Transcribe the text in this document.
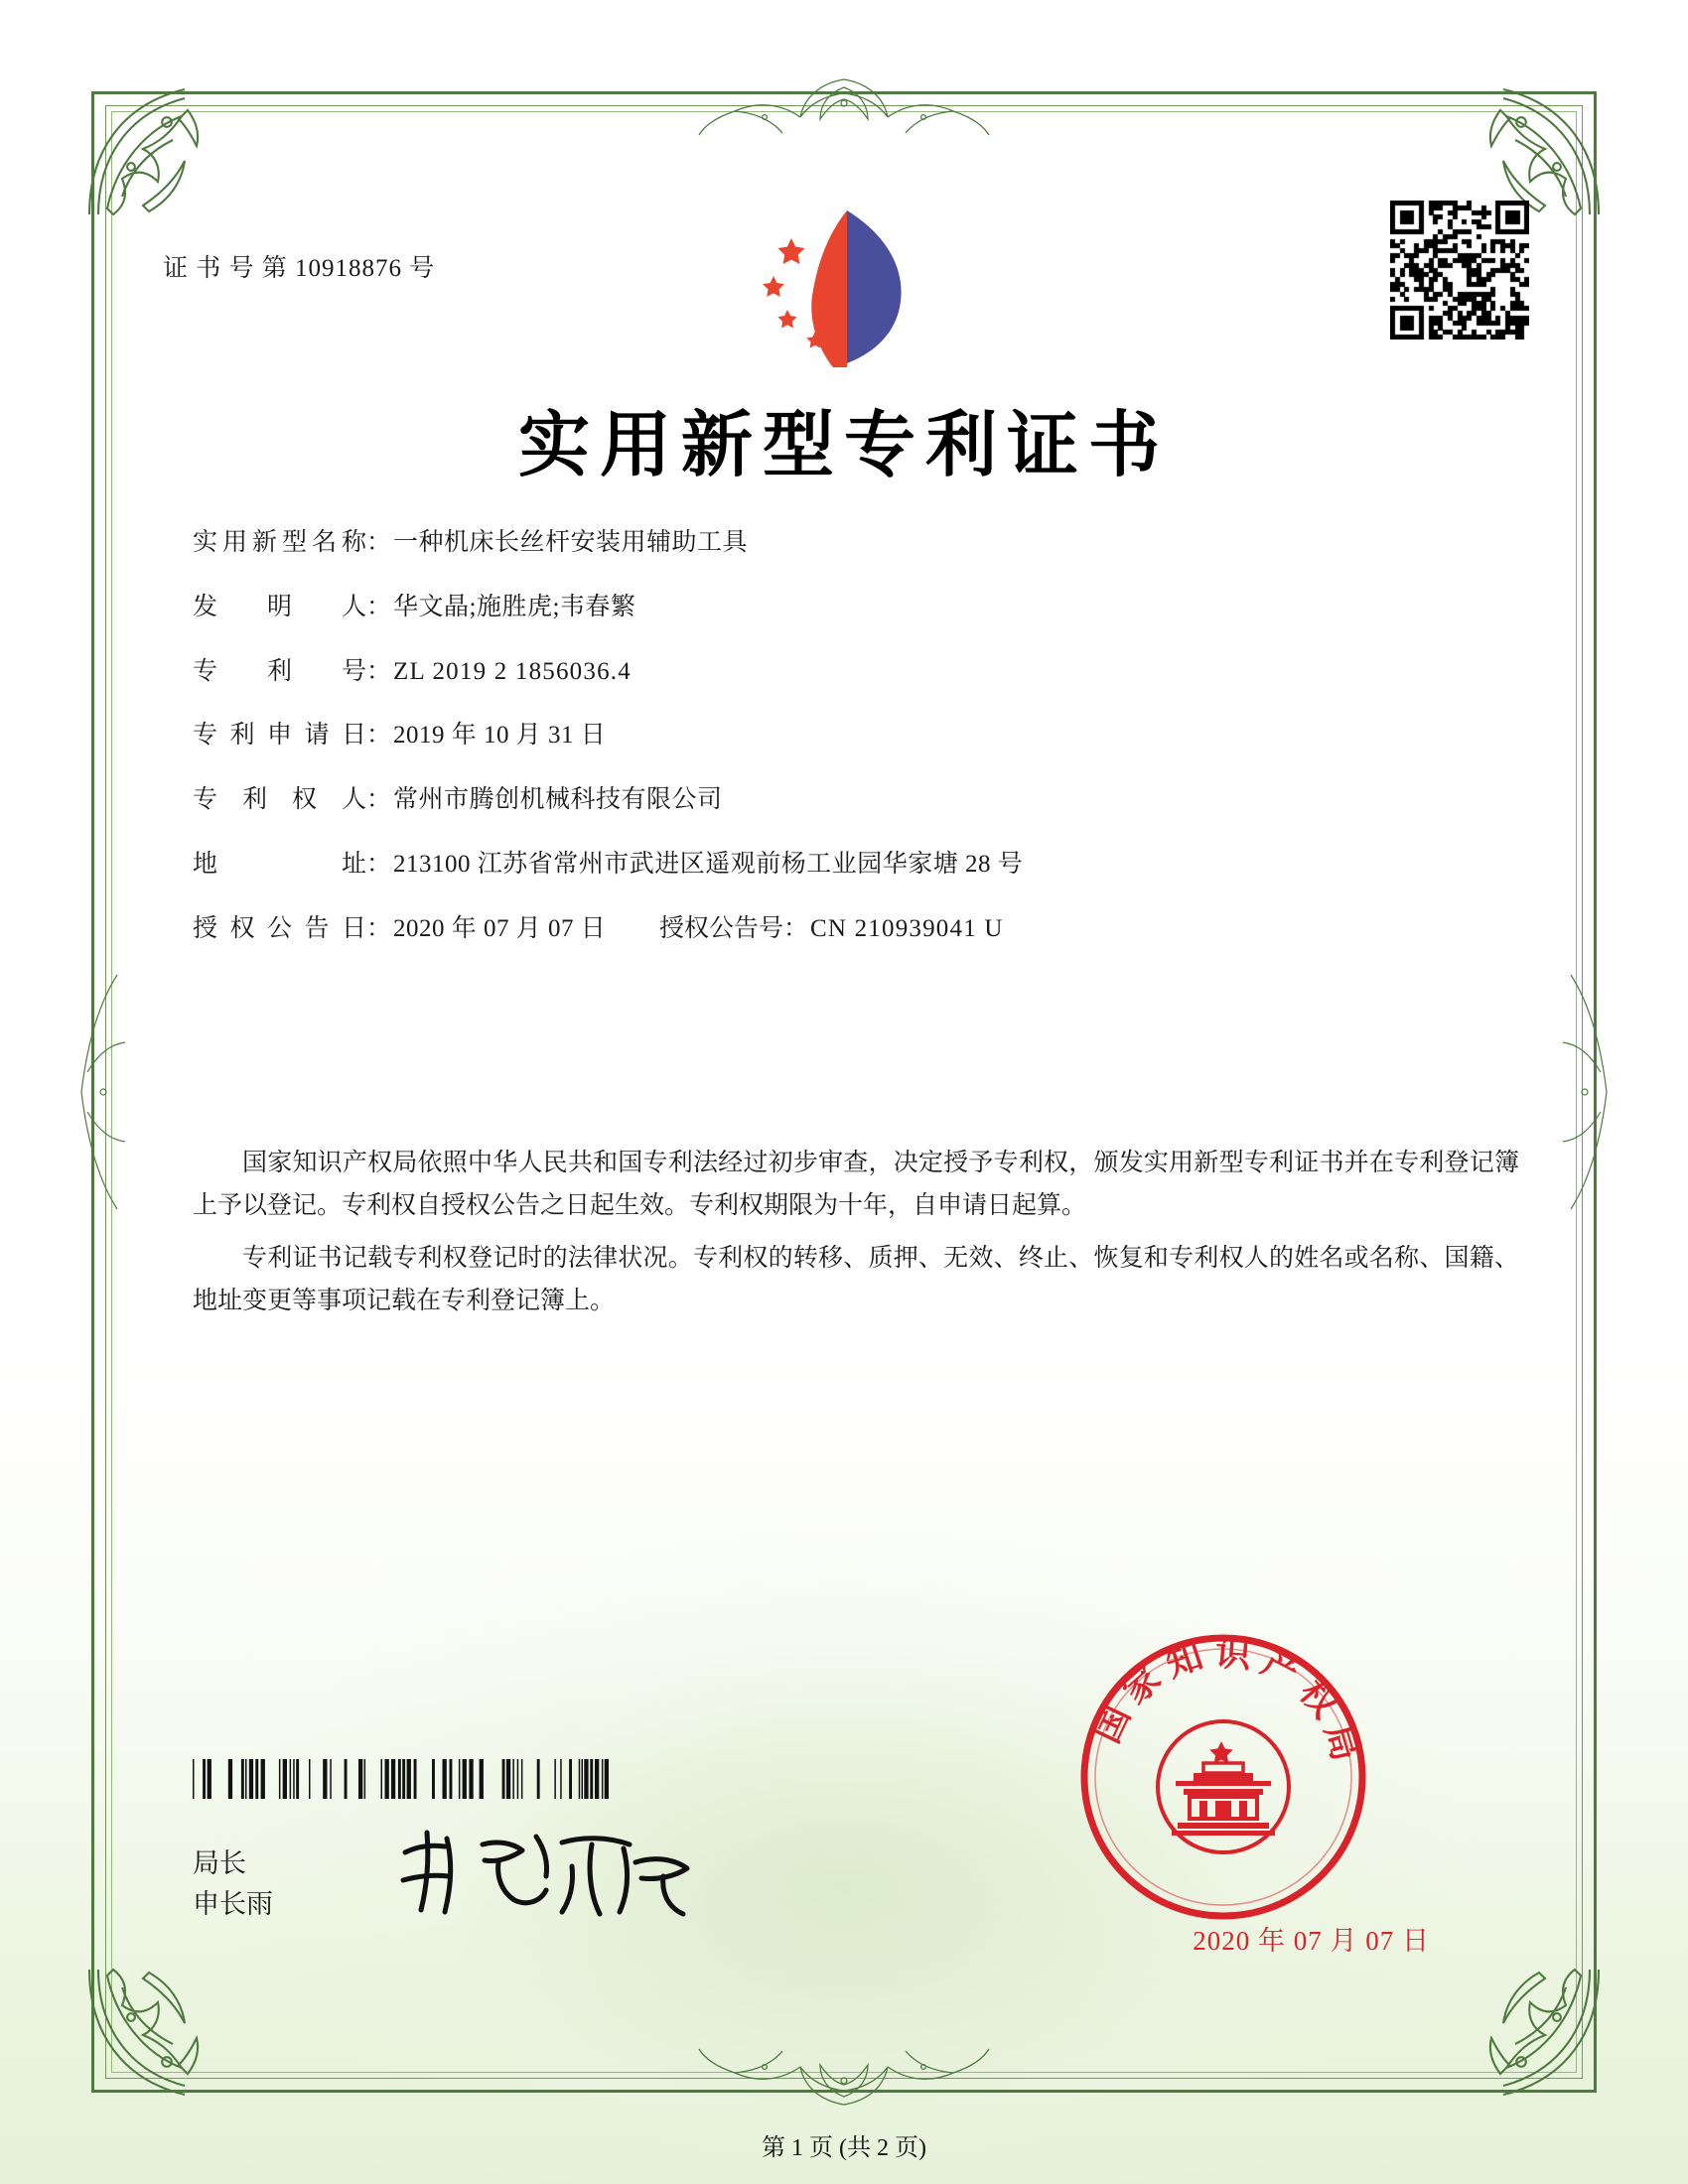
证 书 号 第 10918876 号
实用新型专利证书
实用新型名称 ： 一种机床长丝杆安装用辅助工具
发明人 ： 华文晶;施胜虎;韦春繁
专利号 ： ZL 2019 2 1856036.4
专利申请日 ： 2019 年 10 月 31 日
专利权人 ： 常州市腾创机械科技有限公司
地址 ： 213100 江苏省常州市武进区遥观前杨工业园华家塘 28 号
授权公告日 ： 2020 年 07 月 07 日 授权公告号 ： CN 210939041 U

国家知识产权局依照中华人民共和国专利法经过初步审查，决定授予专利权，颁发实用新型专利证书并在专利登记簿上予以登记。专利权自授权公告之日起生效。专利权期限为十年，自申请日起算。

专利证书记载专利权登记时的法律状况。专利权的转移、质押、无效、终止、恢复和专利权人的姓名或名称、国籍、地址变更等事项记载在专利登记簿上。

局长
申长雨
国 家 知 识 产 权 局
2020 年 07 月 07 日
第 1 页 (共 2 页)
